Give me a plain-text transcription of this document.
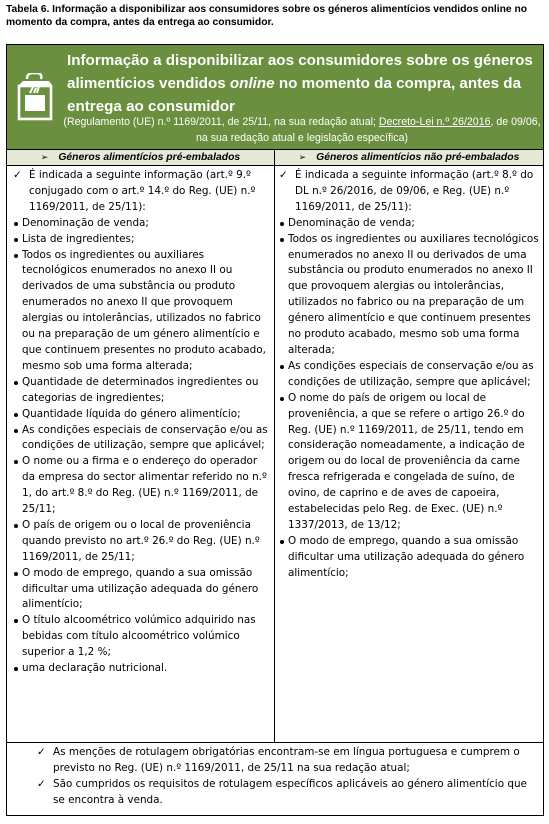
Tabela 6. Informação a disponibilizar aos consumidores sobre os géneros alimentícios vendidos online no momento da compra, antes da entrega ao consumidor.
Informação a disponibilizar aos consumidores sobre os géneros alimentícios vendidos online no momento da compra, antes da entrega ao consumidor
(Regulamento (UE) n.º 1169/2011, de 25/11, na sua redação atual; Decreto-Lei n.º 26/2016, de 09/06, na sua redação atual e legislação específica)
➢ Géneros alimentícios pré-embalados	➢ Géneros alimentícios não pré-embalados
✓ É indicada a seguinte informação (art.º 9.º conjugado com o art.º 14.º do Reg. (UE) n.º 1169/2011, de 25/11):
Denominação de venda;
Lista de ingredientes;
Todos os ingredientes ou auxiliares tecnológicos enumerados no anexo II ou derivados de uma substância ou produto enumerados no anexo II que provoquem alergias ou intolerâncias, utilizados no fabrico ou na preparação de um género alimentício e que continuem presentes no produto acabado, mesmo sob uma forma alterada;
Quantidade de determinados ingredientes ou categorias de ingredientes;
Quantidade líquida do género alimentício;
As condições especiais de conservação e/ou as condições de utilização, sempre que aplicável;
O nome ou a firma e o endereço do operador da empresa do sector alimentar referido no n.º 1, do art.º 8.º do Reg. (UE) n.º 1169/2011, de 25/11;
O país de origem ou o local de proveniência quando previsto no art.º 26.º do Reg. (UE) n.º 1169/2011, de 25/11;
O modo de emprego, quando a sua omissão dificultar uma utilização adequada do género alimentício;
O título alcoométrico volúmico adquirido nas bebidas com título alcoométrico volúmico superior a 1,2 %;
uma declaração nutricional.
✓ É indicada a seguinte informação (art.º 8.º do DL n.º 26/2016, de 09/06, e Reg. (UE) n.º 1169/2011, de 25/11):
Denominação de venda;
Todos os ingredientes ou auxiliares tecnológicos enumerados no anexo II ou derivados de uma substância ou produto enumerados no anexo II que provoquem alergias ou intolerâncias, utilizados no fabrico ou na preparação de um género alimentício e que continuem presentes no produto acabado, mesmo sob uma forma alterada;
As condições especiais de conservação e/ou as condições de utilização, sempre que aplicável;
O nome do país de origem ou local de proveniência, a que se refere o artigo 26.º do Reg. (UE) n.º 1169/2011, de 25/11, tendo em consideração nomeadamente, a indicação de origem ou do local de proveniência da carne fresca refrigerada e congelada de suíno, de ovino, de caprino e de aves de capoeira, estabelecidas pelo Reg. de Exec. (UE) n.º 1337/2013, de 13/12;
O modo de emprego, quando a sua omissão dificultar uma utilização adequada do género alimentício;
✓ As menções de rotulagem obrigatórias encontram-se em língua portuguesa e cumprem o previsto no Reg. (UE) n.º 1169/2011, de 25/11 na sua redação atual;
✓ São cumpridos os requisitos de rotulagem específicos aplicáveis ao género alimentício que se encontra à venda.
